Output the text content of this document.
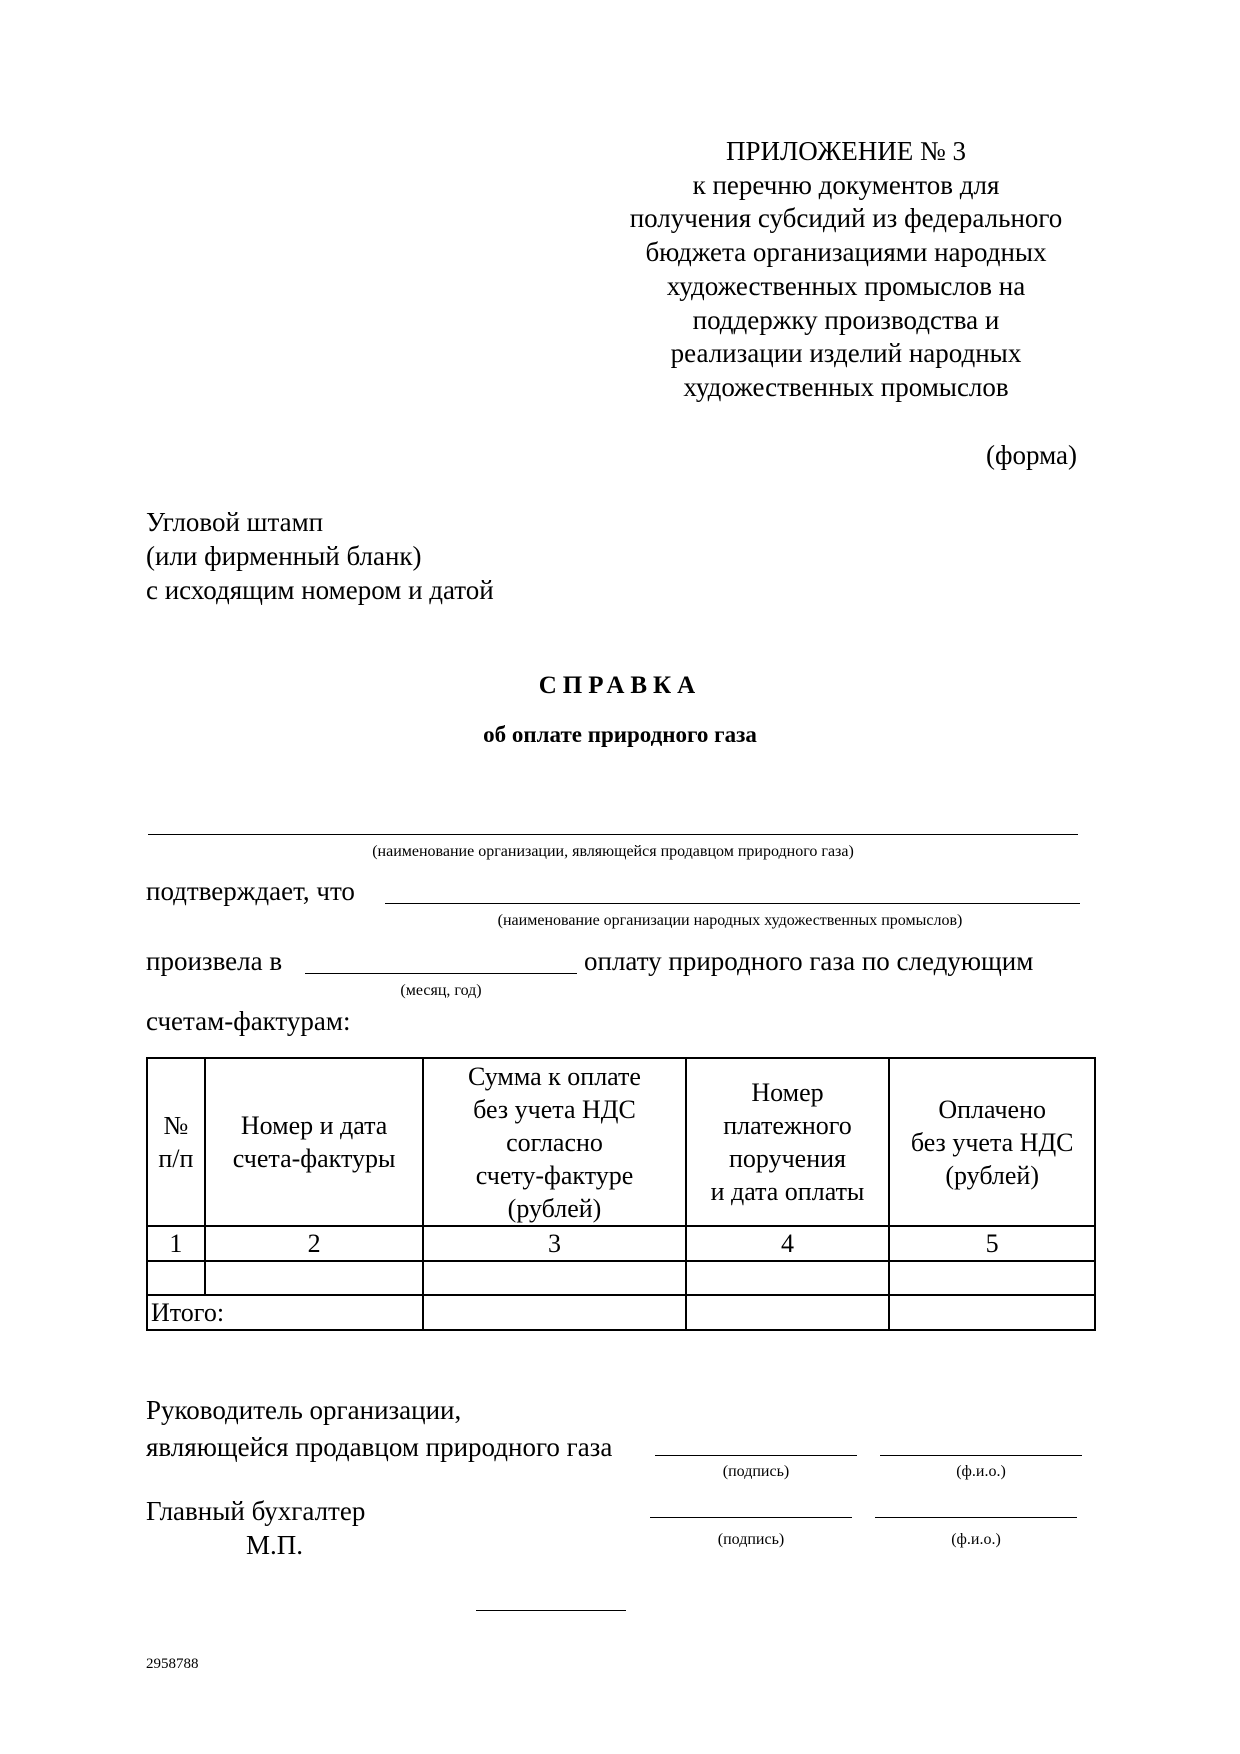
ПРИЛОЖЕНИЕ № 3
к перечню документов для
получения субсидий из федерального
бюджета организациями народных
художественных промыслов на
поддержку производства и
реализации изделий народных
художественных промыслов
(форма)
Угловой штамп
(или фирменный бланк)
с исходящим номером и датой
СПРАВКА
об оплате природного газа
(наименование организации, являющейся продавцом природного газа)
подтверждает, что
(наименование организации народных художественных промыслов)
произвела в	оплату природного газа по следующим
(месяц, год)
счетам-фактурам:
№
п/п

Номер и дата
счета-фактуры

Сумма к оплате
без учета НДС
согласно
счету-фактуре
(рублей)

Номер
платежного
поручения
и дата оплаты

Оплачено
без учета НДС
(рублей)

1	2	3	4	5

Итого:				
Руководитель организации,
являющейся продавцом природного газа
(подпись)	(ф.и.о.)
Главный бухгалтер
М.П.	(подпись)	(ф.и.о.)
2958788
